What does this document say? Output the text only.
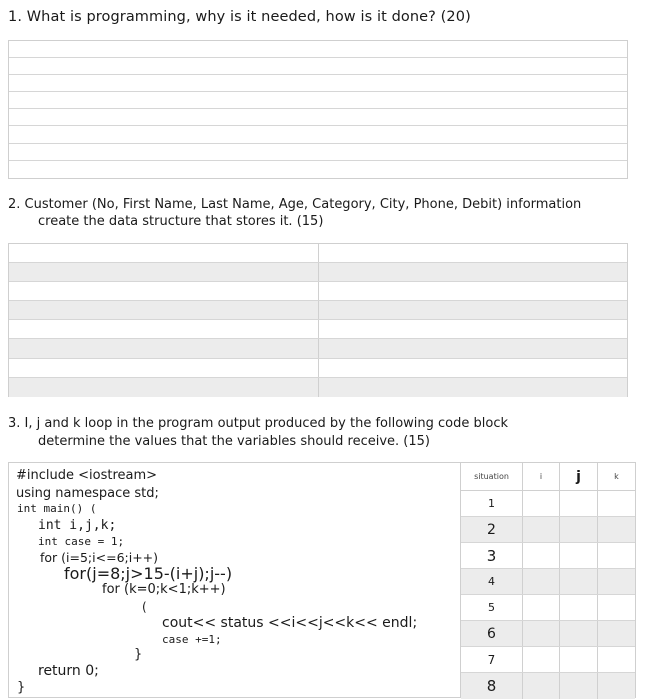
1. What is programming, why is it needed, how is it done? (20)
2. Customer (No, First Name, Last Name, Age, Category, City, Phone, Debit) information
create the data structure that stores it. (15)
3. I, j and k loop in the program output produced by the following code block
determine the values that the variables should receive. (15)
#include <iostream>
using namespace std;
int main() (
int i,j,k;
int case = 1;
for (i=5;i<=6;i++)
for(j=8;j>15-(i+j);j--)
for (k=0;k<1;k++)
(
cout<< status <<i<<j<<k<< endl;
case +=1;
}
return 0;
}
situation	i	j	k
1
2
3
4
5
6
7
8
